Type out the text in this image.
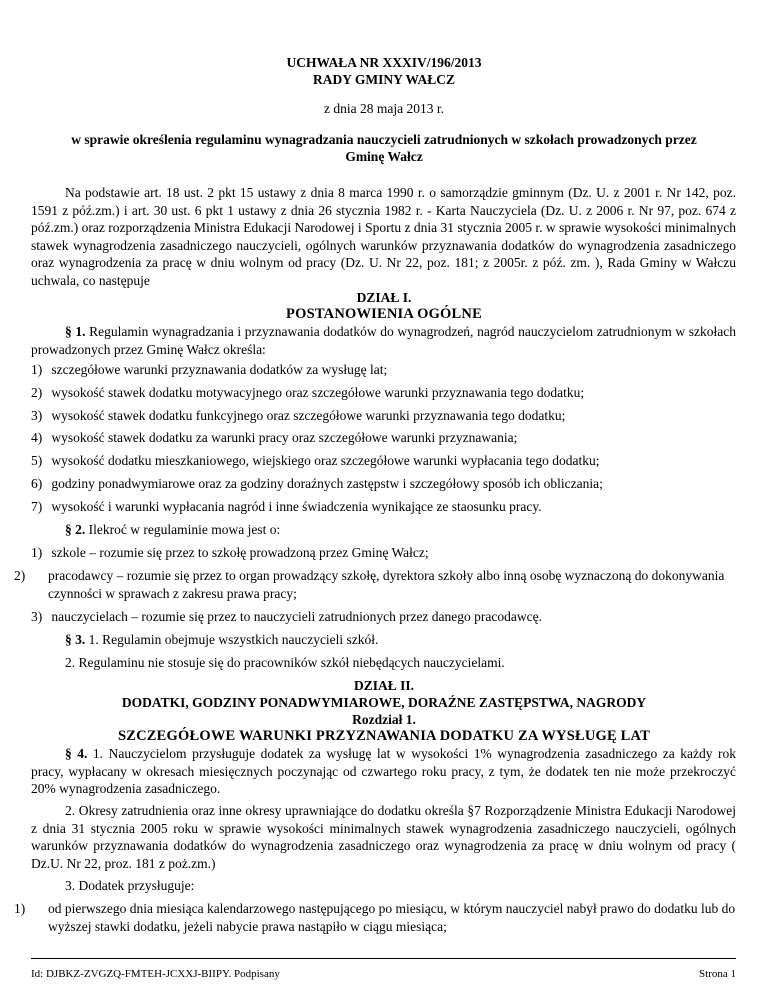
UCHWAŁA NR XXXIV/196/2013
RADY GMINY WAŁCZ
z dnia 28 maja 2013 r.
w sprawie określenia regulaminu wynagradzania nauczycieli zatrudnionych w szkołach prowadzonych przez
Gminę Wałcz

Na podstawie art. 18 ust. 2 pkt 15 ustawy z dnia 8 marca 1990 r. o samorządzie gminnym (Dz. U. z 2001 r. Nr 142, poz. 1591 z póź.zm.) i art. 30 ust. 6 pkt 1 ustawy z dnia 26 stycznia 1982 r. - Karta Nauczyciela (Dz. U. z 2006 r. Nr 97, poz. 674 z póź.zm.) oraz rozporządzenia Ministra Edukacji Narodowej i Sportu z dnia 31 stycznia 2005 r. w sprawie wysokości minimalnych stawek wynagrodzenia zasadniczego nauczycieli, ogólnych warunków przyznawania dodatków do wynagrodzenia zasadniczego oraz wynagrodzenia za pracę w dniu wolnym od pracy (Dz. U. Nr 22, poz. 181; z 2005r. z póź. zm. ), Rada Gminy w Wałczu uchwala, co następuje

DZIAŁ I.
POSTANOWIENIA OGÓLNE

§ 1. Regulamin wynagradzania i przyznawania dodatków do wynagrodzeń, nagród nauczycielom zatrudnionym w szkołach prowadzonych przez Gminę Wałcz określa:

1) szczegółowe warunki przyznawania dodatków za wysługę lat;

2) wysokość stawek dodatku motywacyjnego oraz szczegółowe warunki przyznawania tego dodatku;

3) wysokość stawek dodatku funkcyjnego oraz szczegółowe warunki przyznawania tego dodatku;

4) wysokość stawek dodatku za warunki pracy oraz szczegółowe warunki przyznawania;

5) wysokość dodatku mieszkaniowego, wiejskiego oraz szczegółowe warunki wypłacania tego dodatku;

6) godziny ponadwymiarowe oraz za godziny doraźnych zastępstw i szczegółowy sposób ich obliczania;

7) wysokość i warunki wypłacania nagród i inne świadczenia wynikające ze staosunku pracy.

§ 2. Ilekroć w regulaminie mowa jest o:

1) szkole – rozumie się przez to szkołę prowadzoną przez Gminę Wałcz;

2) pracodawcy – rozumie się przez to organ prowadzący szkołę, dyrektora szkoły albo inną osobę wyznaczoną do dokonywania czynności w sprawach z zakresu prawa pracy;

3) nauczycielach – rozumie się przez to nauczycieli zatrudnionych przez danego pracodawcę.

§ 3. 1. Regulamin obejmuje wszystkich nauczycieli szkół.

2. Regulaminu nie stosuje się do pracowników szkół niebędących nauczycielami.

DZIAŁ II.
DODATKI, GODZINY PONADWYMIAROWE, DORAŹNE ZASTĘPSTWA, NAGRODY
Rozdział 1.
SZCZEGÓŁOWE WARUNKI PRZYZNAWANIA DODATKU ZA WYSŁUGĘ LAT

§ 4. 1. Nauczycielom przysługuje dodatek za wysługę lat w wysokości 1% wynagrodzenia zasadniczego za każdy rok pracy, wypłacany w okresach miesięcznych poczynając od czwartego roku pracy, z tym, że dodatek ten nie może przekroczyć 20% wynagrodzenia zasadniczego.

2. Okresy zatrudnienia oraz inne okresy uprawniające do dodatku określa §7 Rozporządzenie Ministra Edukacji Narodowej z dnia 31 stycznia 2005 roku w sprawie wysokości minimalnych stawek wynagrodzenia zasadniczego nauczycieli, ogólnych warunków przyznawania dodatków do wynagrodzenia zasadniczego oraz wynagrodzenia za pracę w dniu wolnym od pracy ( Dz.U. Nr 22, proz. 181 z poż.zm.)

3. Dodatek przysługuje:

1) od pierwszego dnia miesiąca kalendarzowego następującego po miesiącu, w którym nauczyciel nabył prawo do dodatku lub do wyższej stawki dodatku, jeżeli nabycie prawa nastąpiło w ciągu miesiąca;

Id: DJBKZ-ZVGZQ-FMTEH-JCXXJ-BIIPY. Podpisany	Strona 1
